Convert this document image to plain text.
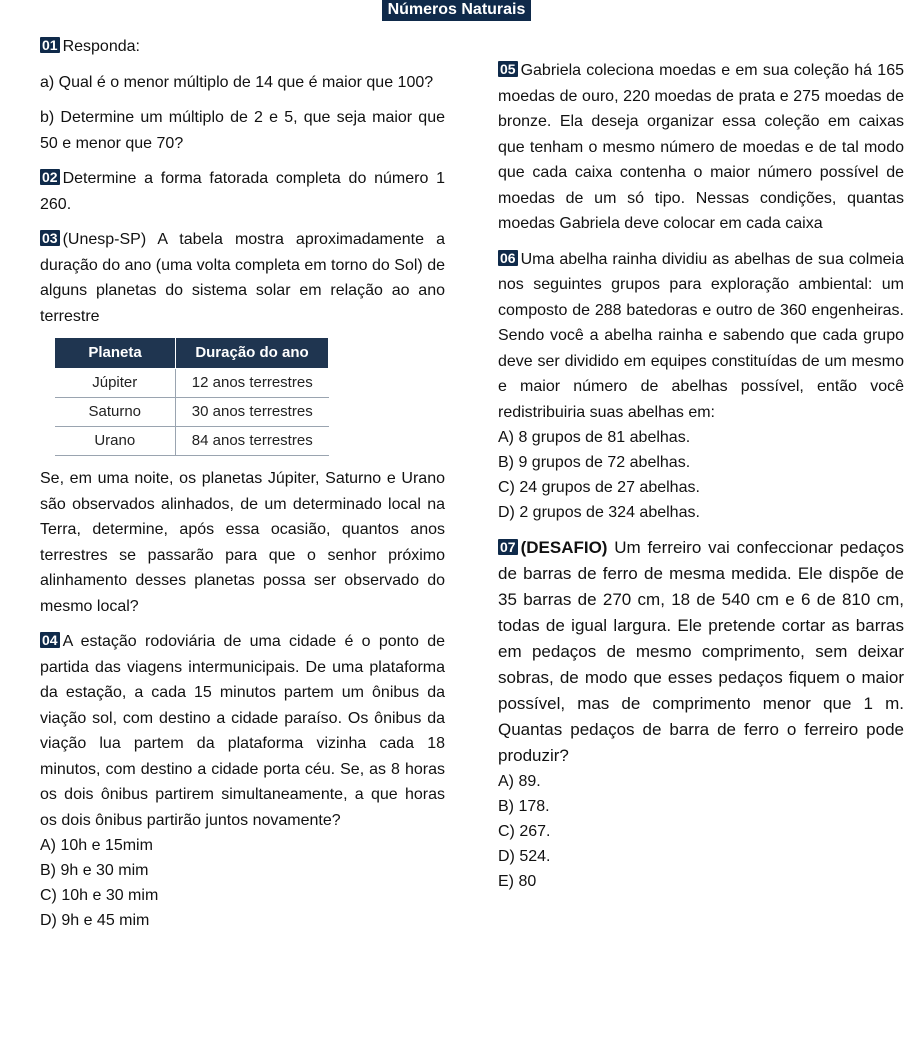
Números Naturais

01 Responda:

a) Qual é o menor múltiplo de 14 que é maior que 100?

b) Determine um múltiplo de 2 e 5, que seja maior que 50 e menor que 70?

02 Determine a forma fatorada completa do número 1 260.

03 (Unesp-SP) A tabela mostra aproximadamente a duração do ano (uma volta completa em torno do Sol) de alguns planetas do sistema solar em relação ao ano terrestre

Planeta	Duração do ano
Júpiter	12 anos terrestres
Saturno	30 anos terrestres
Urano	84 anos terrestres

Se, em uma noite, os planetas Júpiter, Saturno e Urano são observados alinhados, de um determinado local na Terra, determine, após essa ocasião, quantos anos terrestres se passarão para que o senhor próximo alinhamento desses planetas possa ser observado do mesmo local?

04 A estação rodoviária de uma cidade é o ponto de partida das viagens intermunicipais. De uma plataforma da estação, a cada 15 minutos partem um ônibus da viação sol, com destino a cidade paraíso. Os ônibus da viação lua partem da plataforma vizinha cada 18 minutos, com destino a cidade porta céu. Se, as 8 horas os dois ônibus partirem simultaneamente, a que horas os dois ônibus partirão juntos novamente?

A) 10h e 15mim

B) 9h e 30 mim

C) 10h e 30 mim

D) 9h e 45 mim

05 Gabriela coleciona moedas e em sua coleção há 165 moedas de ouro, 220 moedas de prata e 275 moedas de bronze. Ela deseja organizar essa coleção em caixas que tenham o mesmo número de moedas e de tal modo que cada caixa contenha o maior número possível de moedas de um só tipo. Nessas condições, quantas moedas Gabriela deve colocar em cada caixa

06 Uma abelha rainha dividiu as abelhas de sua colmeia nos seguintes grupos para exploração ambiental: um composto de 288 batedoras e outro de 360 engenheiras. Sendo você a abelha rainha e sabendo que cada grupo deve ser dividido em equipes constituídas de um mesmo e maior número de abelhas possível, então você redistribuiria suas abelhas em:

A) 8 grupos de 81 abelhas.

B) 9 grupos de 72 abelhas.

C) 24 grupos de 27 abelhas.

D) 2 grupos de 324 abelhas.

07 (DESAFIO) Um ferreiro vai confeccionar pedaços de barras de ferro de mesma medida. Ele dispõe de 35 barras de 270 cm, 18 de 540 cm e 6 de 810 cm, todas de igual largura. Ele pretende cortar as barras em pedaços de mesmo comprimento, sem deixar sobras, de modo que esses pedaços fiquem o maior possível, mas de comprimento menor que 1 m. Quantas pedaços de barra de ferro o ferreiro pode produzir?

A) 89.

B) 178.

C) 267.

D) 524.

E) 80
